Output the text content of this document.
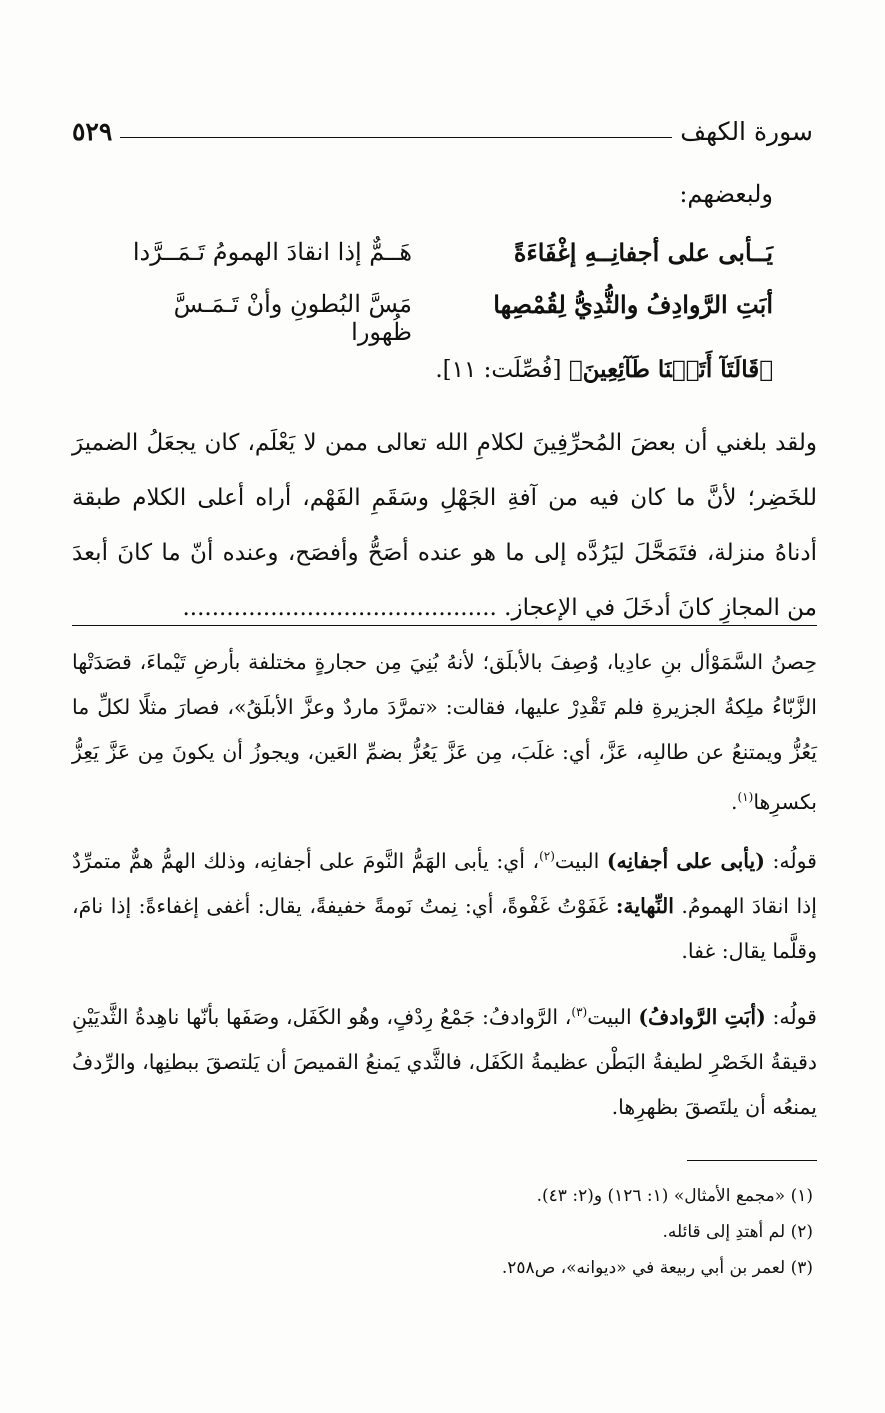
سورة الكهف
٥٢٩
ولبعضهم:
يَــأبى على أجفانِــهِ إغْفَاءَةً
هَــمٌّ إذا انقادَ الهمومُ تَـمَــرَّدا
أبَتِ الرَّوادِفُ والثُّدِيُّ لِقُمْصِها
مَسَّ البُطونِ وأنْ تَـمَـسَّ ظُهورا
﴿قَالَتَآ أَتَيۡنَا طَآئِعِينَ﴾ [فُصِّلَت: ١١].
ولقد بلغني أن بعضَ المُحرِّفِينَ لكلامِ الله تعالى ممن لا يَعْلَم، كان يجعَلُ الضميرَ للخَضِر؛ لأنَّ ما كان فيه من آفةِ الجَهْلِ وسَقَمِ الفَهْم، أراه أعلى الكلام طبقة أدناهُ منزلة، فتَمَحَّلَ ليَرُدَّه إلى ما هو عنده أصَحُّ وأفصَح، وعنده أنّ ما كانَ أبعدَ من المجازِ كانَ أدخَلَ في الإعجاز. ...........................................
حِصنُ السَّمَوْأل بنِ عادِيا، وُصِفَ بالأبلَق؛ لأنهُ بُنِيَ مِن حجارةٍ مختلفة بأرضِ تَيْماءَ، قصَدَتْها الزَّبّاءُ ملِكةُ الجزيرةِ فلم تَقْدِرْ عليها، فقالت: «تمرَّدَ ماردٌ وعزَّ الأبلَقُ»، فصارَ مثلًا لكلِّ ما يَعُزُّ ويمتنعُ عن طالبِه، عَزَّ، أي: غلَبَ، مِن عَزَّ يَعُزُّ بضمِّ العَين، ويجوزُ أن يكونَ مِن عَزَّ يَعِزُّ بكسرِها$^{(١)}$.
قولُه: (يأبى على أجفانِه) البيت$^{(٢)}$، أي: يأبى الهَمُّ النَّومَ على أجفانِه، وذلك الهمُّ همٌّ متمرِّدٌ إذا انقادَ الهمومُ. النِّهاية: غَفَوْتُ غَفْوةً، أي: نِمتُ نَومةً خفيفةً، يقال: أغفى إغفاءةً: إذا نامَ، وقلَّما يقال: غفا.
قولُه: (أبَتِ الرَّوادفُ) البيت$^{(٣)}$، الرَّوادفُ: جَمْعُ رِدْفٍ، وهُو الكَفَل، وصَفَها بأنّها ناهِدةُ الثَّديَيْنِ دقيقةُ الخَصْرِ لطيفةُ البَطْن عظيمةُ الكَفَل، فالثَّدي يَمنعُ القميصَ أن يَلتصقَ ببطنِها، والرِّدفُ يمنعُه أن يلتَصقَ بظهرِها.
(١) «مجمع الأمثال» (١: ١٢٦) و(٢: ٤٣).
(٢) لم أهتدِ إلى قائله.
(٣) لعمر بن أبي ربيعة في «ديوانه»، ص٢٥٨.
